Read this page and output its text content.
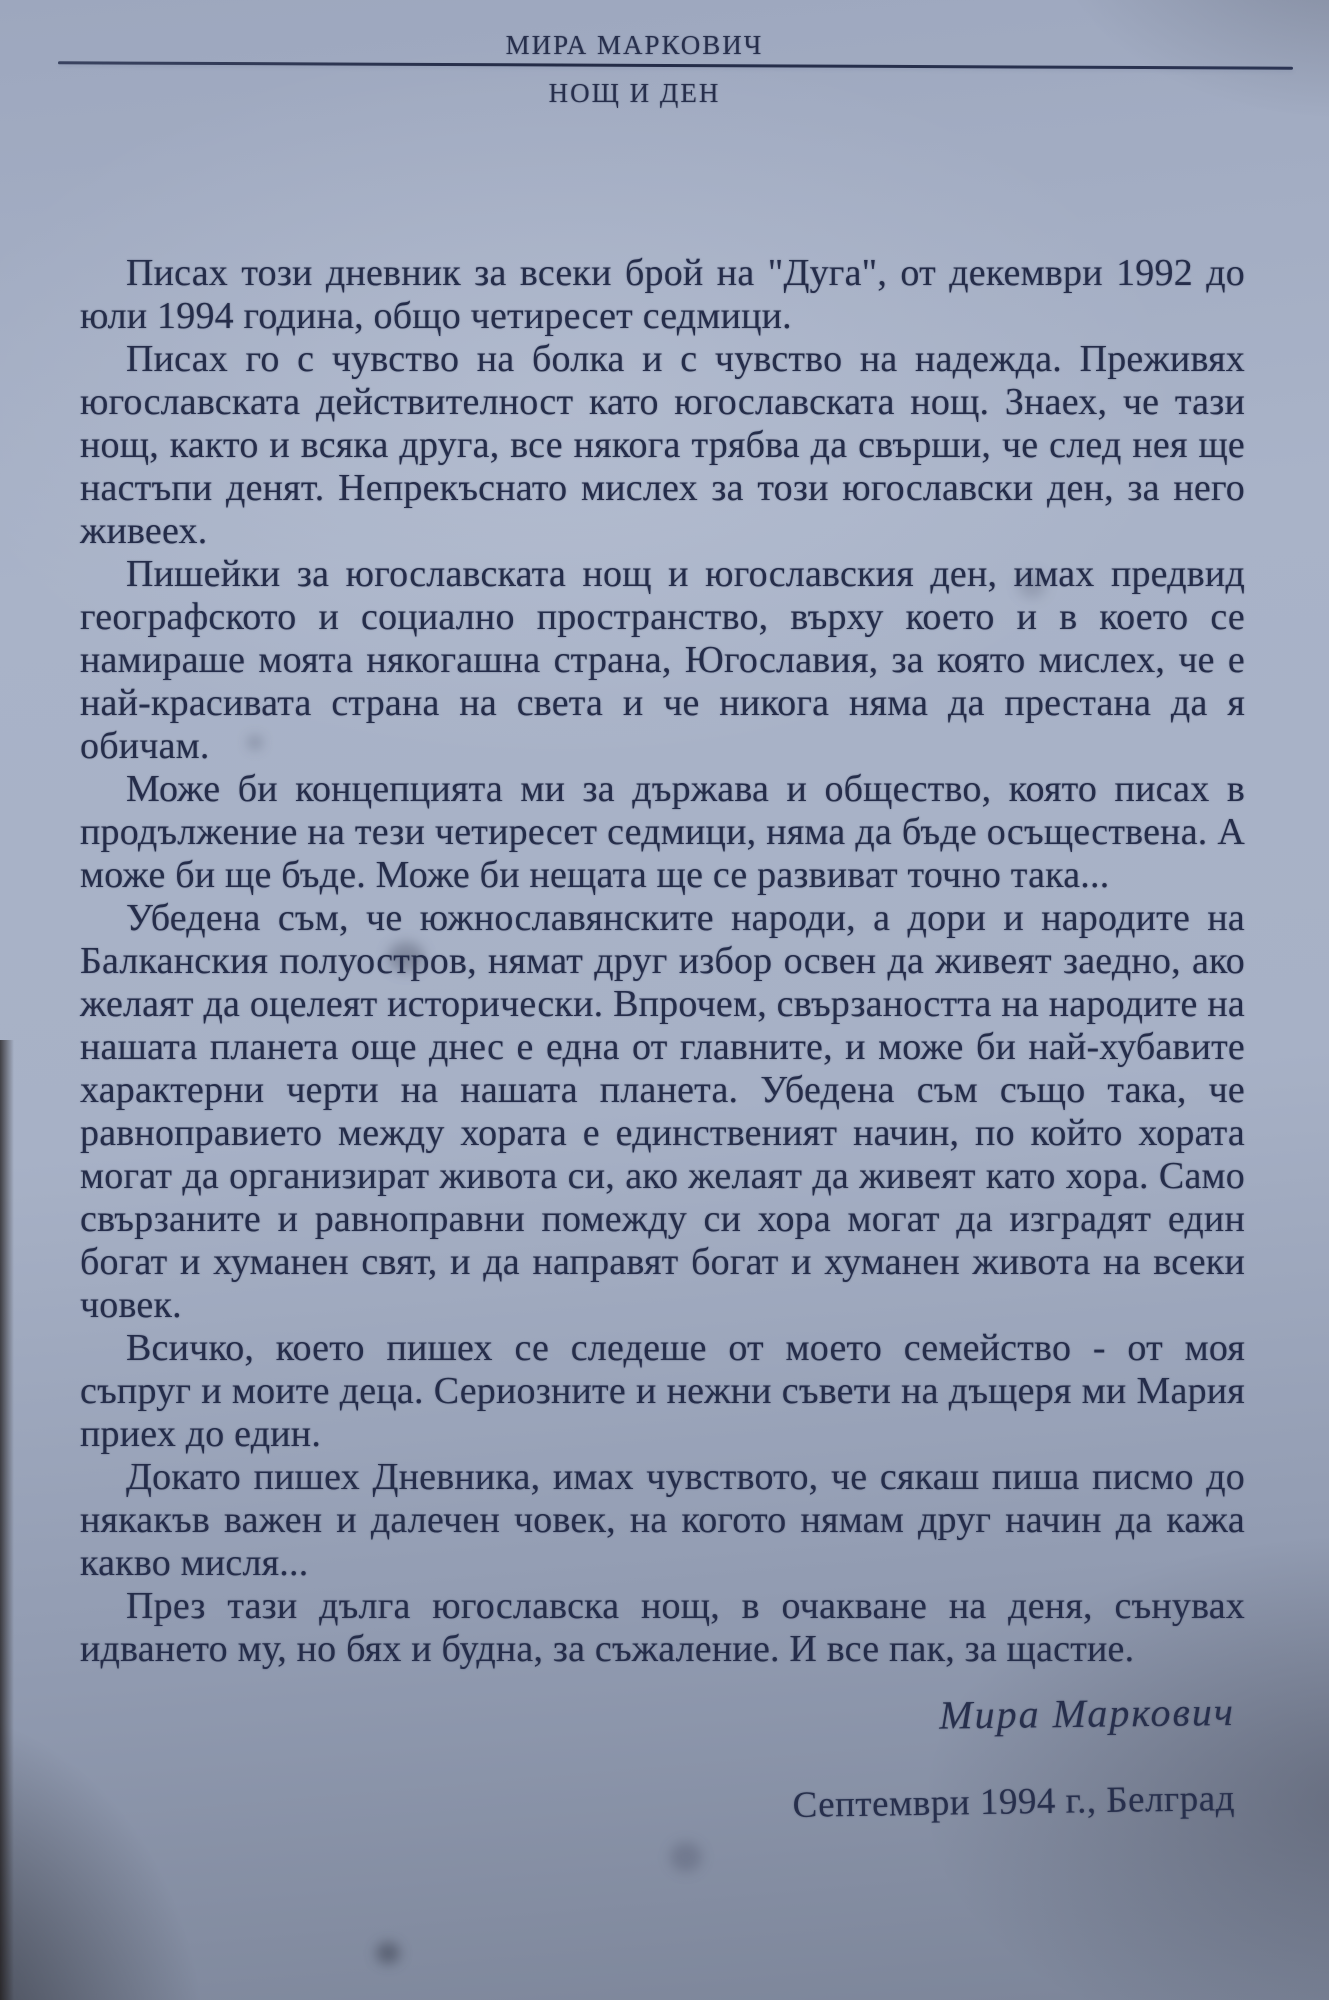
МИРА МАРКОВИЧ
НОЩ И ДЕН

Писах този дневник за всеки брой на "Дуга", от декември 1992 до юли 1994 година, общо четиресет седмици.

Писах го с чувство на болка и с чувство на надежда. Преживях югославската действителност като югославската нощ. Знаех, че тази нощ, както и всяка друга, все някога трябва да свърши, че след нея ще настъпи денят. Непрекъснато мислех за този югославски ден, за него живеех.

Пишейки за югославската нощ и югославския ден, имах предвид географското и социално пространство, върху което и в което се намираше моята някогашна страна, Югославия, за която мислех, че е най-красивата страна на света и че никога няма да престана да я обичам.

Може би концепцията ми за държава и общество, която писах в продължение на тези четиресет седмици, няма да бъде осъществена. А може би ще бъде. Може би нещата ще се развиват точно така...

Убедена съм, че южнославянските народи, а дори и народите на Балканския полуостров, нямат друг избор освен да живеят заедно, ако желаят да оцелеят исторически. Впрочем, свързаността на народите на нашата планета още днес е една от главните, и може би най-хубавите характерни черти на нашата планета. Убедена съм също така, че равноправието между хората е единственият начин, по който хората могат да организират живота си, ако желаят да живеят като хора. Само свързаните и равноправни помежду си хора могат да изградят един богат и хуманен свят, и да направят богат и хуманен живота на всеки човек.

Всичко, което пишех се следеше от моето семейство - от моя съпруг и моите деца. Сериозните и нежни съвети на дъщеря ми Мария приех до един.

Докато пишех Дневника, имах чувството, че сякаш пиша писмо до някакъв важен и далечен човек, на когото нямам друг начин да кажа какво мисля...

През тази дълга югославска нощ, в очакване на деня, сънувах идването му, но бях и будна, за съжаление. И все пак, за щастие.

Мира Маркович
Септември 1994 г., Белград
